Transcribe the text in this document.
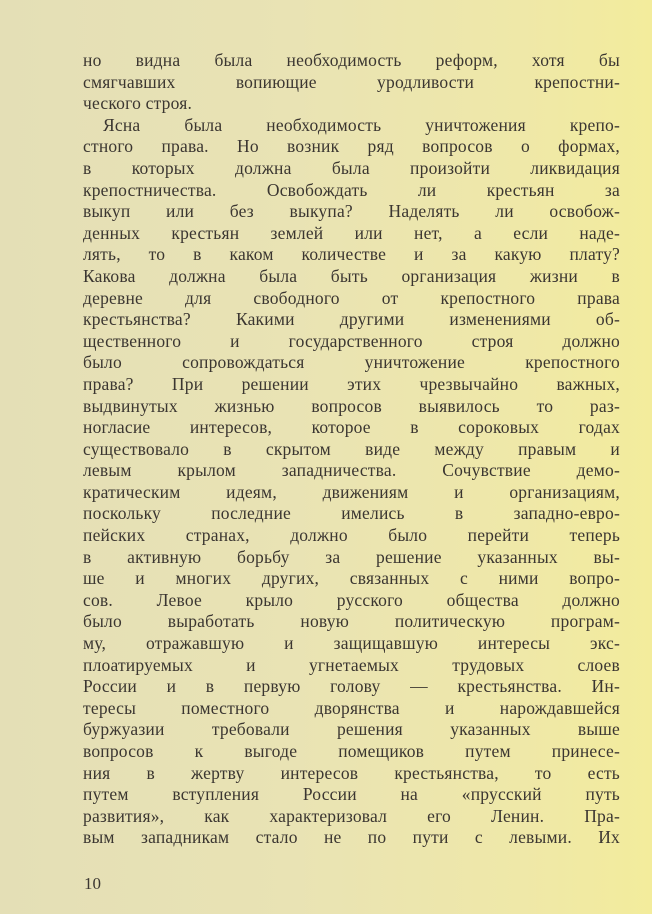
но видна была необходимость реформ, хотя бы
смягчавших вопиющие уродливости крепостни-
ческого строя.
Ясна была необходимость уничтожения крепо-
стного права. Но возник ряд вопросов о формах,
в которых должна была произойти ликвидация
крепостничества. Освобождать ли крестьян за
выкуп или без выкупа? Наделять ли освобож-
денных крестьян землей или нет, а если наде-
лять, то в каком количестве и за какую плату?
Какова должна была быть организация жизни в
деревне для свободного от крепостного права
крестьянства? Какими другими изменениями об-
щественного и государственного строя должно
было сопровождаться уничтожение крепостного
права? При решении этих чрезвычайно важных,
выдвинутых жизнью вопросов выявилось то раз-
ногласие интересов, которое в сороковых годах
существовало в скрытом виде между правым и
левым крылом западничества. Сочувствие демо-
кратическим идеям, движениям и организациям,
поскольку последние имелись в западно-евро-
пейских странах, должно было перейти теперь
в активную борьбу за решение указанных вы-
ше и многих других, связанных с ними вопро-
сов. Левое крыло русского общества должно
было выработать новую политическую програм-
му, отражавшую и защищавшую интересы экс-
плоатируемых и угнетаемых трудовых слоев
России и в первую голову — крестьянства. Ин-
тересы поместного дворянства и нарождавшейся
буржуазии требовали решения указанных выше
вопросов к выгоде помещиков путем принесе-
ния в жертву интересов крестьянства, то есть
путем вступления России на «прусский путь
развития», как характеризовал его Ленин. Пра-
вым западникам стало не по пути с левыми. Их
10
